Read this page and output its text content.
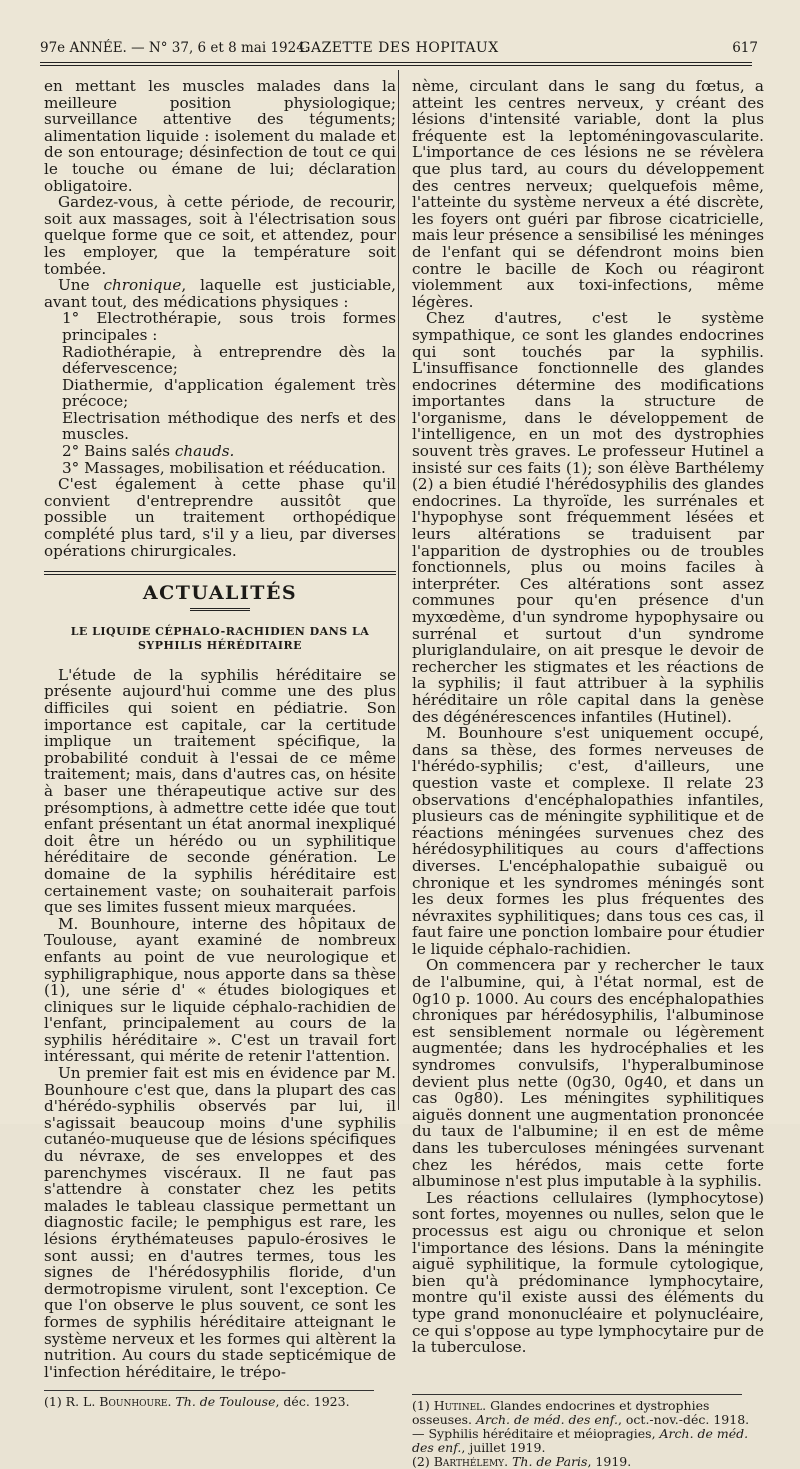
97e ANNÉE. — N° 37, 6 et 8 mai 1924.
GAZETTE DES HOPITAUX	617

en mettant les muscles malades dans la meilleure position physiologique; surveillance attentive des téguments; alimentation liquide : isolement du malade et de son entourage; désinfection de tout ce qui le touche ou émane de lui; déclaration obligatoire.

Gardez-vous, à cette période, de recourir, soit aux massages, soit à l'électrisation sous quelque forme que ce soit, et attendez, pour les employer, que la température soit tombée.

Une chronique, laquelle est justiciable, avant tout, des médications physiques :

1° Electrothérapie, sous trois formes principales :

Radiothérapie, à entreprendre dès la défervescence;

Diathermie, d'application également très précoce;

Electrisation méthodique des nerfs et des muscles.

2° Bains salés chauds.

3° Massages, mobilisation et rééducation.

C'est également à cette phase qu'il convient d'entreprendre aussitôt que possible un traitement orthopédique complété plus tard, s'il y a lieu, par diverses opérations chirurgicales.

ACTUALITÉS
LE LIQUIDE CÉPHALO-RACHIDIEN DANS LA SYPHILIS HÉRÉDITAIRE

L'étude de la syphilis héréditaire se présente aujourd'hui comme une des plus difficiles qui soient en pédiatrie. Son importance est capitale, car la certitude implique un traitement spécifique, la probabilité conduit à l'essai de ce même traitement; mais, dans d'autres cas, on hésite à baser une thérapeutique active sur des présomptions, à admettre cette idée que tout enfant présentant un état anormal inexpliqué doit être un hérédo ou un syphilitique héréditaire de seconde génération. Le domaine de la syphilis héréditaire est certainement vaste; on souhaiterait parfois que ses limites fussent mieux marquées.

M. Bounhoure, interne des hôpitaux de Toulouse, ayant examiné de nombreux enfants au point de vue neurologique et syphiligraphique, nous apporte dans sa thèse (1), une série d' « études biologiques et cliniques sur le liquide céphalo-rachidien de l'enfant, principalement au cours de la syphilis héréditaire ». C'est un travail fort intéressant, qui mérite de retenir l'attention.

Un premier fait est mis en évidence par M. Bounhoure c'est que, dans la plupart des cas d'hérédo-syphilis observés par lui, il s'agissait beaucoup moins d'une syphilis cutanéo-muqueuse que de lésions spécifiques du névraxe, de ses enveloppes et des parenchymes viscéraux. Il ne faut pas s'attendre à constater chez les petits malades le tableau classique permettant un diagnostic facile; le pemphigus est rare, les lésions érythémateuses papulo-érosives le sont aussi; en d'autres termes, tous les signes de l'hérédosyphilis floride, d'un dermotropisme virulent, sont l'exception. Ce que l'on observe le plus souvent, ce sont les formes de syphilis héréditaire atteignant le système nerveux et les formes qui altèrent la nutrition. Au cours du stade septicémique de l'infection héréditaire, le trépo-

(1) R. L. Bounhoure. Th. de Toulouse, déc. 1923.

nème, circulant dans le sang du fœtus, a atteint les centres nerveux, y créant des lésions d'intensité variable, dont la plus fréquente est la leptoméningovascularite. L'importance de ces lésions ne se révèlera que plus tard, au cours du développement des centres nerveux; quelquefois même, l'atteinte du système nerveux a été discrète, les foyers ont guéri par fibrose cicatricielle, mais leur présence a sensibilisé les méninges de l'enfant qui se défendront moins bien contre le bacille de Koch ou réagiront violemment aux toxi-infections, même légères.

Chez d'autres, c'est le système sympathique, ce sont les glandes endocrines qui sont touchés par la syphilis. L'insuffisance fonctionnelle des glandes endocrines détermine des modifications importantes dans la structure de l'organisme, dans le développement de l'intelligence, en un mot des dystrophies souvent très graves. Le professeur Hutinel a insisté sur ces faits (1); son élève Barthélemy (2) a bien étudié l'hérédosyphilis des glandes endocrines. La thyroïde, les surrénales et l'hypophyse sont fréquemment lésées et leurs altérations se traduisent par l'apparition de dystrophies ou de troubles fonctionnels, plus ou moins faciles à interpréter. Ces altérations sont assez communes pour qu'en présence d'un myxœdème, d'un syndrome hypophysaire ou surrénal et surtout d'un syndrome pluriglandulaire, on ait presque le devoir de rechercher les stigmates et les réactions de la syphilis; il faut attribuer à la syphilis héréditaire un rôle capital dans la genèse des dégénérescences infantiles (Hutinel).

M. Bounhoure s'est uniquement occupé, dans sa thèse, des formes nerveuses de l'hérédo-syphilis; c'est, d'ailleurs, une question vaste et complexe. Il relate 23 observations d'encéphalopathies infantiles, plusieurs cas de méningite syphilitique et de réactions méningées survenues chez des hérédosyphilitiques au cours d'affections diverses. L'encéphalopathie subaiguë ou chronique et les syndromes méningés sont les deux formes les plus fréquentes des névraxites syphilitiques; dans tous ces cas, il faut faire une ponction lombaire pour étudier le liquide céphalo-rachidien.

On commencera par y rechercher le taux de l'albumine, qui, à l'état normal, est de 0g10 p. 1000. Au cours des encéphalopathies chroniques par hérédosyphilis, l'albuminose est sensiblement normale ou légèrement augmentée; dans les hydrocéphalies et les syndromes convulsifs, l'hyperalbuminose devient plus nette (0g30, 0g40, et dans un cas 0g80). Les méningites syphilitiques aiguës donnent une augmentation prononcée du taux de l'albumine; il en est de même dans les tuberculoses méningées survenant chez les hérédos, mais cette forte albuminose n'est plus imputable à la syphilis.

Les réactions cellulaires (lymphocytose) sont fortes, moyennes ou nulles, selon que le processus est aigu ou chronique et selon l'importance des lésions. Dans la méningite aiguë syphilitique, la formule cytologique, bien qu'à prédominance lymphocytaire, montre qu'il existe aussi des éléments du type grand mononucléaire et polynucléaire, ce qui s'oppose au type lymphocytaire pur de la tuberculose.

(1) Hutinel. Glandes endocrines et dystrophies osseuses. Arch. de méd. des enf., oct.-nov.-déc. 1918. — Syphilis héréditaire et méiopragies, Arch. de méd. des enf., juillet 1919.

(2) Barthélemy. Th. de Paris, 1919.
